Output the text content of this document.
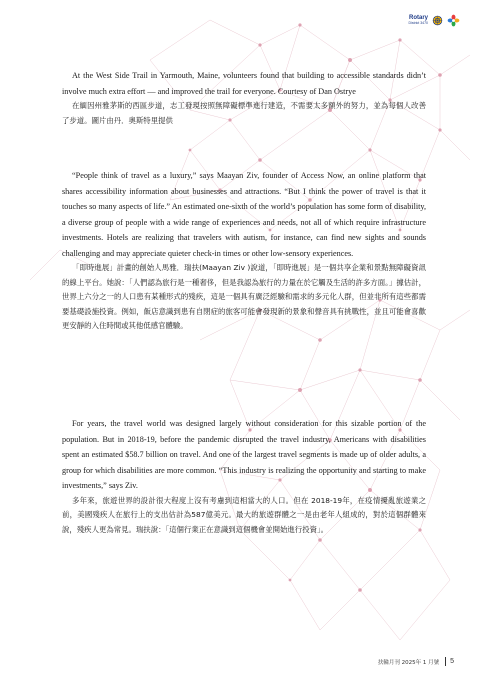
Rotary
District 3470

At the West Side Trail in Yarmouth, Maine, volunteers found that building to accessible standards didn’t involve much extra effort — and improved the trail for everyone. Courtesy of Dan Ostrye

在緬因州雅茅斯的西區步道，志工發現按照無障礙標準進行建造，不需要太多額外的努力，並為每個人改善了步道。圖片由丹．奧斯特里提供

“People think of travel as a luxury,” says Maayan Ziv, founder of Access Now, an online platform that shares accessibility information about businesses and attractions. “But I think the power of travel is that it touches so many aspects of life.” An estimated one-sixth of the world’s population has some form of disability, a diverse group of people with a wide range of experiences and needs, not all of which require infrastructure investments. Hotels are realizing that travelers with autism, for instance, can find new sights and sounds challenging and may appreciate quieter check-in times or other low-sensory experiences.

「即時進展」計畫的創始人馬雅．瑞扶(Maayan Ziv )說道，「即時進展」是一個共享企業和景點無障礙資訊的線上平台。她說：「人們認為旅行是一種奢侈，但是我認為旅行的力量在於它觸及生活的許多方面。」據估計，世界上六分之一的人口患有某種形式的殘疾，這是一個具有廣泛經驗和需求的多元化人群，但並非所有這些都需要基礎設施投資。例如，飯店意識到患有自閉症的旅客可能會發現新的景象和聲音具有挑戰性，並且可能會喜歡更安靜的入住時間或其他低感官體驗。

For years, the travel world was designed largely without consideration for this sizable portion of the population. But in 2018-19, before the pandemic disrupted the travel industry, Americans with disabilities spent an estimated $58.7 billion on travel. And one of the largest travel segments is made up of older adults, a group for which disabilities are more common. “This industry is realizing the opportunity and starting to make investments,” says Ziv.

多年來，旅遊世界的設計很大程度上沒有考慮到這相當大的人口。但在 2018-19年，在疫情擾亂旅遊業之前，美國殘疾人在旅行上的支出估計為587億美元。最大的旅遊群體之一是由老年人組成的，對於這個群體來說，殘疾人更為常見。瑞扶說：「這個行業正在意識到這個機會並開始進行投資」。

扶輪月刊 2025年 1 月號 5
